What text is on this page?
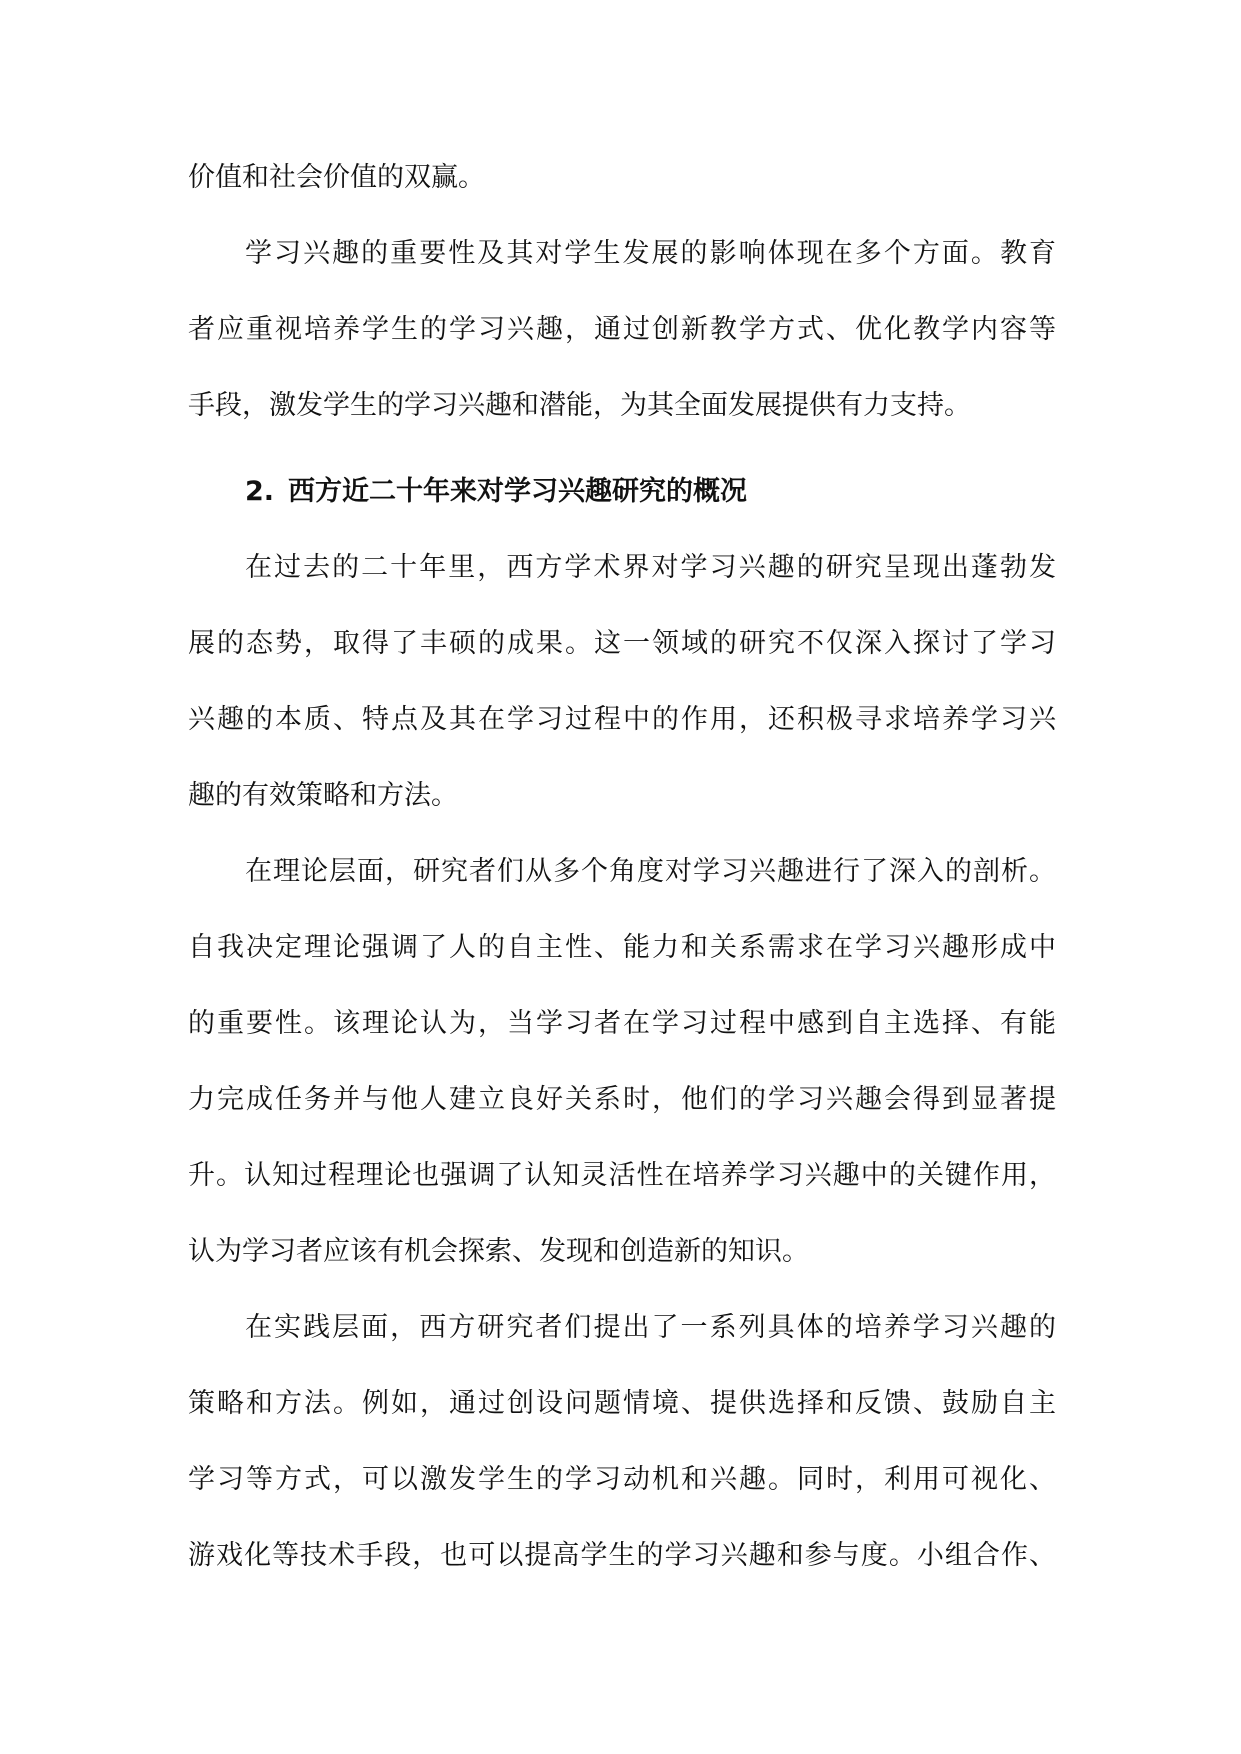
价值和社会价值的双赢。
学习兴趣的重要性及其对学生发展的影响体现在多个方面。教育
者应重视培养学生的学习兴趣，通过创新教学方式、优化教学内容等
手段，激发学生的学习兴趣和潜能，为其全面发展提供有力支持。
2. 西方近二十年来对学习兴趣研究的概况
在过去的二十年里，西方学术界对学习兴趣的研究呈现出蓬勃发
展的态势，取得了丰硕的成果。这一领域的研究不仅深入探讨了学习
兴趣的本质、特点及其在学习过程中的作用，还积极寻求培养学习兴
趣的有效策略和方法。
在理论层面，研究者们从多个角度对学习兴趣进行了深入的剖析。
自我决定理论强调了人的自主性、能力和关系需求在学习兴趣形成中
的重要性。该理论认为，当学习者在学习过程中感到自主选择、有能
力完成任务并与他人建立良好关系时，他们的学习兴趣会得到显著提
升。认知过程理论也强调了认知灵活性在培养学习兴趣中的关键作用，
认为学习者应该有机会探索、发现和创造新的知识。
在实践层面，西方研究者们提出了一系列具体的培养学习兴趣的
策略和方法。例如，通过创设问题情境、提供选择和反馈、鼓励自主
学习等方式，可以激发学生的学习动机和兴趣。同时，利用可视化、
游戏化等技术手段，也可以提高学生的学习兴趣和参与度。小组合作、
